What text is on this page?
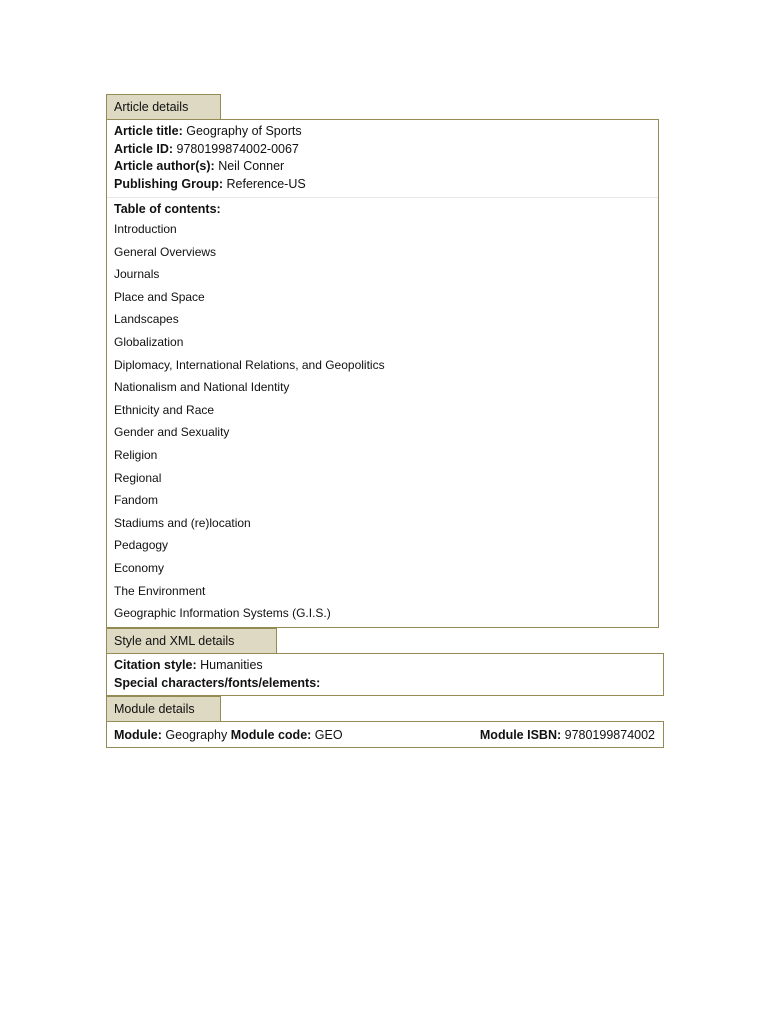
Article details
Article title: Geography of Sports
Article ID: 9780199874002-0067
Article author(s): Neil Conner
Publishing Group: Reference-US
Table of contents:
Introduction
General Overviews
Journals
Place and Space
Landscapes
Globalization
Diplomacy, International Relations, and Geopolitics
Nationalism and National Identity
Ethnicity and Race
Gender and Sexuality
Religion
Regional
Fandom
Stadiums and (re)location
Pedagogy
Economy
The Environment
Geographic Information Systems (G.I.S.)
Style and XML details
Citation style: Humanities
Special characters/fonts/elements:
Module details
Module: Geography Module code: GEO	Module ISBN: 9780199874002
